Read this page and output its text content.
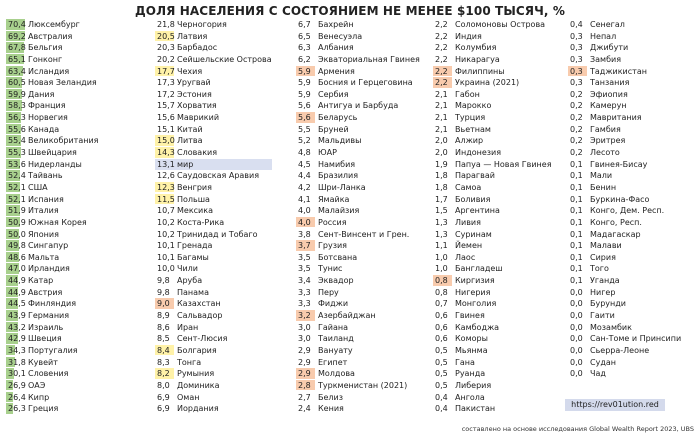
ДОЛЯ НАСЕЛЕНИЯ С СОСТОЯНИЕМ НЕ МЕНЕЕ $100 ТЫСЯЧ, %
70,4 Люксембург
69,2 Австралия
67,8 Бельгия
65,1 Гонконг
63,4 Исландия
60,5 Новая Зеландия
59,9 Дания
58,3 Франция
56,3 Норвегия
55,6 Канада
55,4 Великобритания
55,3 Швейцария
53,6 Нидерланды
52,4 Тайвань
52,1 США
52,1 Испания
51,9 Италия
50,9 Южная Корея
50,0 Япония
49,8 Сингапур
48,6 Мальта
47,0 Ирландия
44,9 Катар
44,9 Австрия
44,5 Финляндия
43,9 Германия
43,2 Израиль
42,9 Швеция
34,3 Португалия
31,8 Кувейт
30,1 Словения
26,9 ОАЭ
26,4 Кипр
26,3 Греция
21,8 Черногория
20,5 Латвия
20,3 Барбадос
20,2 Сейшельские Острова
17,7 Чехия
17,3 Уругвай
17,2 Эстония
15,7 Хорватия
15,6 Маврикий
15,1 Китай
15,0 Литва
14,3 Словакия
13,1 мир
12,6 Саудовская Аравия
12,3 Венгрия
11,5 Польша
10,7 Мексика
10,2 Коста-Рика
10,2 Тринидад и Тобаго
10,1 Гренада
10,1 Багамы
10,0 Чили
9,8 Аруба
9,8 Панама
9,0 Казахстан
8,9 Сальвадор
8,6 Иран
8,5 Сент-Люсия
8,4 Болгария
8,3 Тонга
8,2 Румыния
8,0 Доминика
6,9 Оман
6,9 Иордания
6,7 Бахрейн
6,5 Венесуэла
6,3 Албания
6,2 Экваториальная Гвинея
5,9 Армения
5,9 Босния и Герцеговина
5,9 Сербия
5,6 Антигуа и Барбуда
5,6 Беларусь
5,5 Бруней
5,2 Мальдивы
4,8 ЮАР
4,5 Намибия
4,4 Бразилия
4,2 Шри-Ланка
4,1 Ямайка
4,0 Малайзия
4,0 Россия
3,8 Сент-Винсент и Грен.
3,7 Грузия
3,5 Ботсвана
3,5 Тунис
3,4 Эквадор
3,3 Перу
3,3 Фиджи
3,2 Азербайджан
3,0 Гайана
3,0 Таиланд
2,9 Вануату
2,9 Египет
2,9 Молдова
2,8 Туркменистан (2021)
2,7 Белиз
2,4 Кения
2,2 Соломоновы Острова
2,2 Индия
2,2 Колумбия
2,2 Никарагуа
2,2 Филиппины
2,2 Украина (2021)
2,1 Габон
2,1 Марокко
2,1 Турция
2,1 Вьетнам
2,0 Алжир
2,0 Индонезия
1,9 Папуа — Новая Гвинея
1,8 Парагвай
1,8 Самоа
1,7 Боливия
1,5 Аргентина
1,3 Ливия
1,3 Суринам
1,1 Йемен
1,0 Лаос
1,0 Бангладеш
0,8 Киргизия
0,8 Нигерия
0,7 Монголия
0,6 Гвинея
0,6 Камбоджа
0,6 Коморы
0,5 Мьянма
0,5 Гана
0,5 Руанда
0,5 Либерия
0,4 Ангола
0,4 Пакистан
0,4 Сенегал
0,3 Непал
0,3 Джибути
0,3 Замбия
0,3 Таджикистан
0,3 Танзания
0,2 Эфиопия
0,2 Камерун
0,2 Мавритания
0,2 Гамбия
0,2 Эритрея
0,2 Лесото
0,1 Гвинея-Бисау
0,1 Мали
0,1 Бенин
0,1 Буркина-Фасо
0,1 Конго, Дем. Респ.
0,1 Конго, Респ.
0,1 Мадагаскар
0,1 Малави
0,1 Сирия
0,1 Того
0,1 Уганда
0,0 Нигер
0,0 Бурунди
0,0 Гаити
0,0 Мозамбик
0,0 Сан-Томе и Принсипи
0,0 Сьерра-Леоне
0,0 Судан
0,0 Чад
https://rev01ution.red
составлено на основе исследования Global Wealth Report 2023, UBS
